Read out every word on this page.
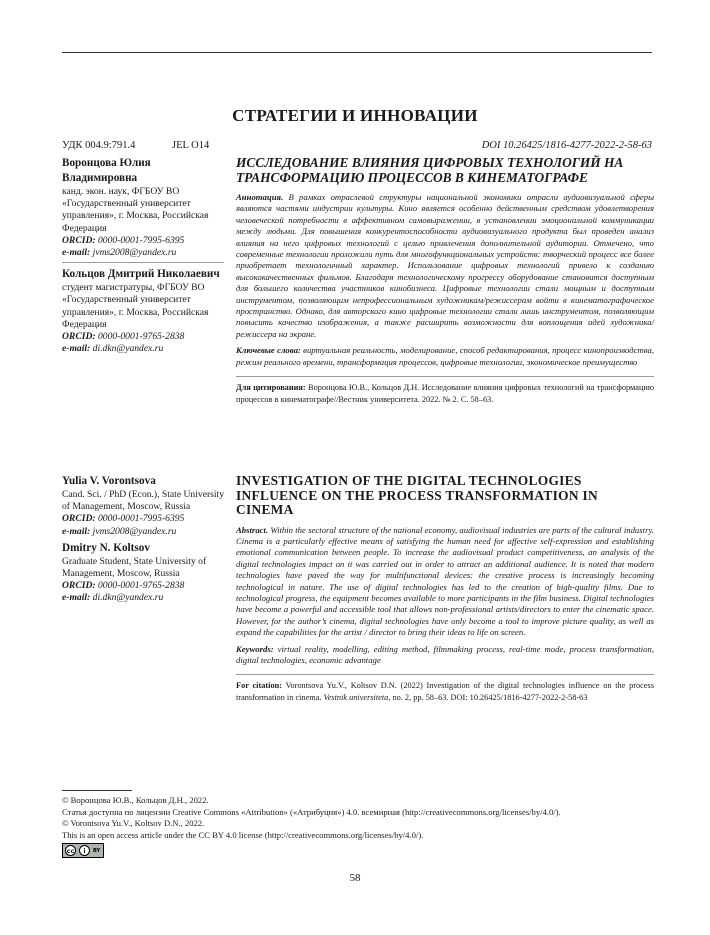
СТРАТЕГИИ И ИННОВАЦИИ
УДК 004.9:791.4	JEL O14	DOI 10.26425/1816-4277-2022-2-58-63
Воронцова Юлия Владимировна
канд. экон. наук, ФГБОУ ВО «Государственный университет управления», г. Москва, Российская Федерация
ORCID: 0000-0001-7995-6395
e-mail: jvms2008@yandex.ru
Кольцов Дмитрий Николаевич
студент магистратуры, ФГБОУ ВО «Государственный университет управления», г. Москва, Российская Федерация
ORCID: 0000-0001-9765-2838
e-mail: di.dkn@yandex.ru
ИССЛЕДОВАНИЕ ВЛИЯНИЯ ЦИФРОВЫХ ТЕХНОЛОГИЙ НА ТРАНСФОРМАЦИЮ ПРОЦЕССОВ В КИНЕМАТОГРАФЕ
Аннотация. В рамках отраслевой структуры национальной экономики отрасли аудиовизуальной сферы являются частями индустрии культуры. Кино является особенно действенным средством удовлетворения человеческой потребности в аффективном самовыражении, в установлении эмоциональной коммуникации между людьми. Для повышения конкурентоспособности аудиовизуального продукта был проведен анализ влияния на него цифровых технологий с целью привлечения дополнительной аудитории. Отмечено, что современные технологии проложили путь для многофункциональных устройств: творческий процесс все более приобретает технологичный характер. Использование цифровых технологий привело к созданию высококачественных фильмов. Благодаря технологическому прогрессу оборудование становится доступным для большего количества участников кинобизнеса. Цифровые технологии стали мощным и доступным инструментом, позволяющим непрофессиональным художникам/режиссерам войти в кинематографическое пространство. Однако, для авторского кино цифровые технологии стали лишь инструментом, позволяющим повысить качество изображения, а также расширить возможности для воплощения идей художника/режиссера на экране.
Ключевые слова: виртуальная реальность, моделирование, способ редактирования, процесс кинопроизводства, режим реального времени, трансформация процессов, цифровые технологии, экономическое преимущество
Для цитирования: Воронцова Ю.В., Кольцов Д.Н. Исследование влияния цифровых технологий на трансформацию процессов в кинематографе//Вестник университета. 2022. № 2. С. 58–63.
Yulia V. Vorontsova
Cand. Sci. / PhD (Econ.), State University of Management, Moscow, Russia
ORCID: 0000-0001-7995-6395
e-mail: jvms2008@yandex.ru
Dmitry N. Koltsov
Graduate Student, State University of Management, Moscow, Russia
ORCID: 0000-0001-9765-2838
e-mail: di.dkn@yandex.ru
INVESTIGATION OF THE DIGITAL TECHNOLOGIES INFLUENCE ON THE PROCESS TRANSFORMATION IN CINEMA
Abstract. Within the sectoral structure of the national economy, audiovisual industries are parts of the cultural industry. Cinema is a particularly effective means of satisfying the human need for affective self-expression and establishing emotional communication between people. To increase the audiovisual product competitiveness, an analysis of the digital technologies impact on it was carried out in order to attract an additional audience. It is noted that modern technologies have paved the way for multifunctional devices: the creative process is increasingly becoming technological in nature. The use of digital technologies has led to the creation of high-quality films. Due to technological progress, the equipment becomes available to more participants in the film business. Digital technologies have become a powerful and accessible tool that allows non-professional artists/directors to enter the cinematic space. However, for the author’s cinema, digital technologies have only become a tool to improve picture quality, as well as expand the capabilities for the artist / director to bring their ideas to life on screen.
Keywords: virtual reality, modelling, editing method, filmmaking process, real-time mode, process transformation, digital technologies, economic advantage
For citation: Vorontsova Yu.V., Koltsov D.N. (2022) Investigation of the digital technologies influence on the process transformation in cinema. Vestnik universiteta, no. 2, pp. 58–63. DOI: 10.26425/1816-4277-2022-2-58-63
© Воронцова Ю.В., Кольцов Д.Н., 2022.
Статья доступна по лицензии Creative Commons «Attribution» («Атрибуция») 4.0. всемирная (http://creativecommons.org/licenses/by/4.0/).
© Vorontsova Yu.V., Koltsov D.N., 2022.
This is an open access article under the CC BY 4.0 license (http://creativecommons.org/licenses/by/4.0/).
cc	i	BY
58
